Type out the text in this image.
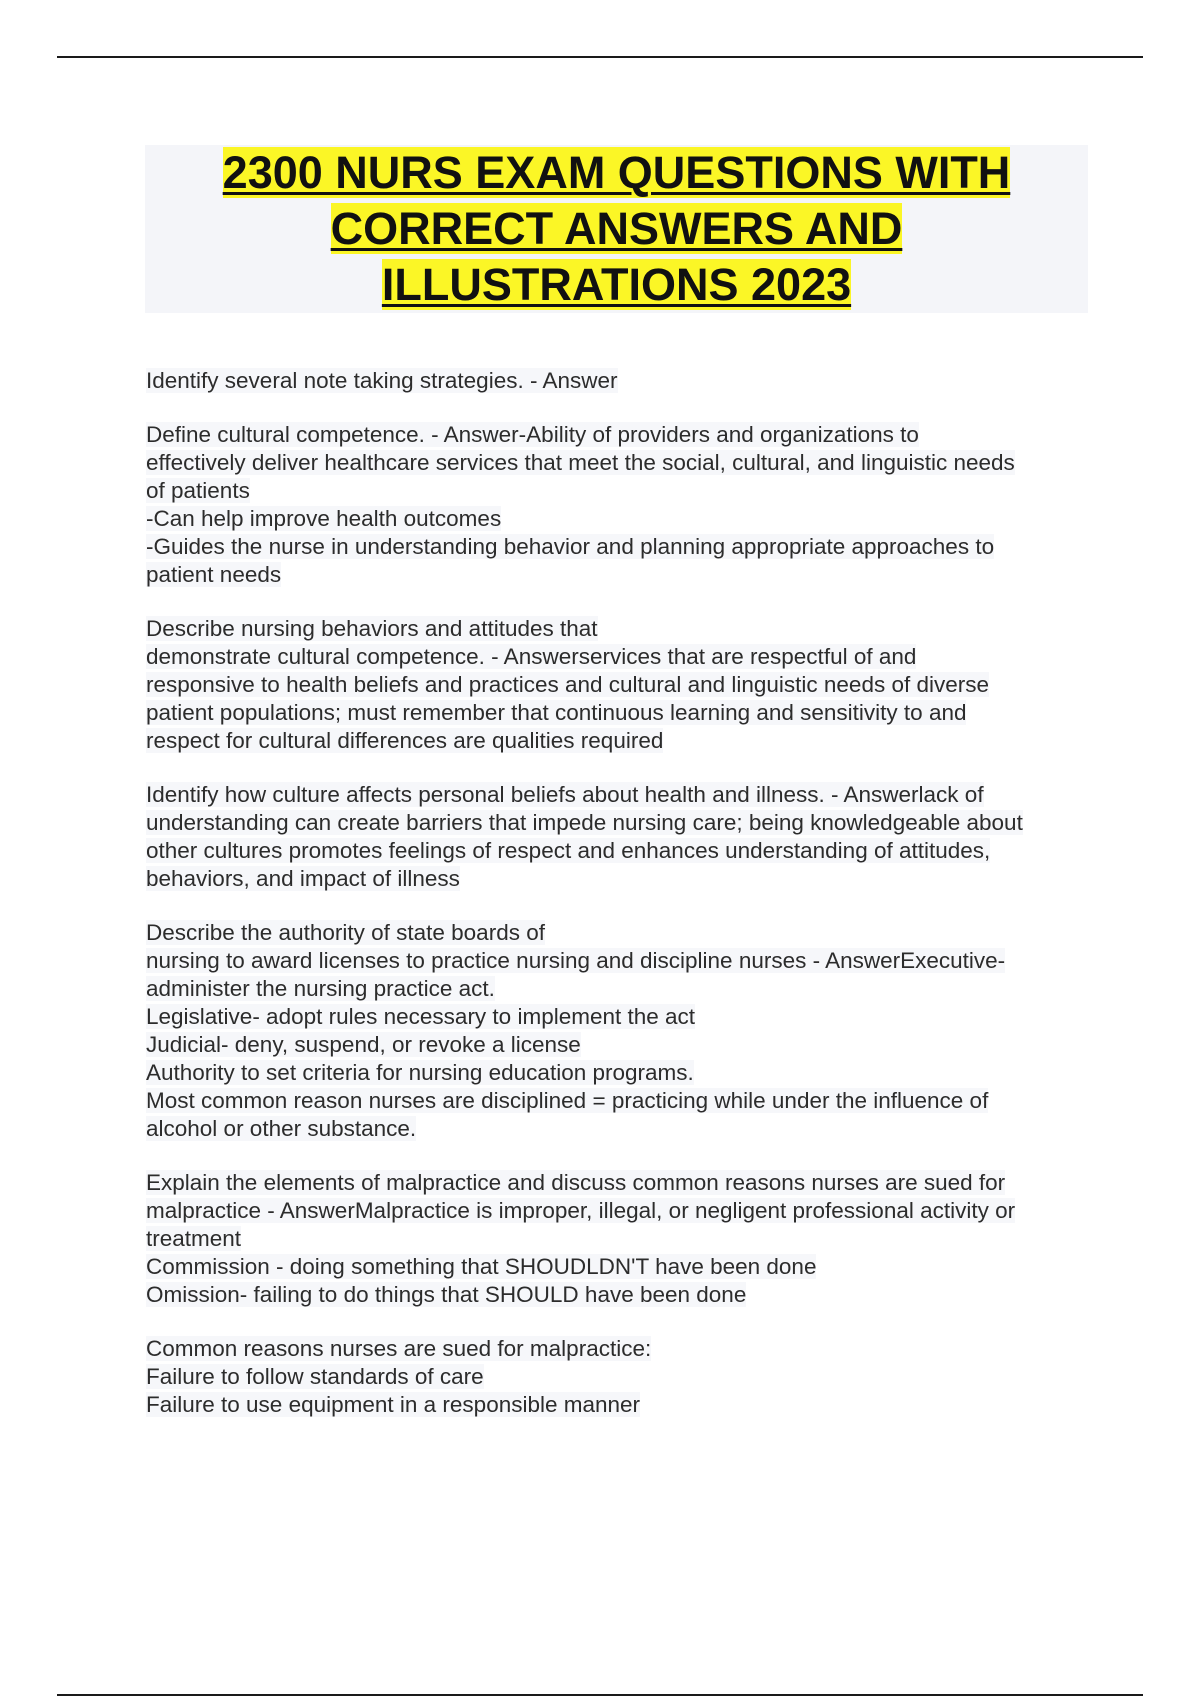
2300 NURS EXAM QUESTIONS WITH
CORRECT ANSWERS AND
ILLUSTRATIONS 2023
Identify several note taking strategies. - Answer
Define cultural competence. - Answer-Ability of providers and organizations to
effectively deliver healthcare services that meet the social, cultural, and linguistic needs
of patients
-Can help improve health outcomes
-Guides the nurse in understanding behavior and planning appropriate approaches to
patient needs
Describe nursing behaviors and attitudes that
demonstrate cultural competence. - Answerservices that are respectful of and
responsive to health beliefs and practices and cultural and linguistic needs of diverse
patient populations; must remember that continuous learning and sensitivity to and
respect for cultural differences are qualities required
Identify how culture affects personal beliefs about health and illness. - Answerlack of
understanding can create barriers that impede nursing care; being knowledgeable about
other cultures promotes feelings of respect and enhances understanding of attitudes,
behaviors, and impact of illness
Describe the authority of state boards of
nursing to award licenses to practice nursing and discipline nurses - AnswerExecutive-
administer the nursing practice act.
Legislative- adopt rules necessary to implement the act
Judicial- deny, suspend, or revoke a license
Authority to set criteria for nursing education programs.
Most common reason nurses are disciplined = practicing while under the influence of
alcohol or other substance.
Explain the elements of malpractice and discuss common reasons nurses are sued for
malpractice - AnswerMalpractice is improper, illegal, or negligent professional activity or
treatment
Commission - doing something that SHOUDLDN'T have been done
Omission- failing to do things that SHOULD have been done
Common reasons nurses are sued for malpractice:
Failure to follow standards of care
Failure to use equipment in a responsible manner
